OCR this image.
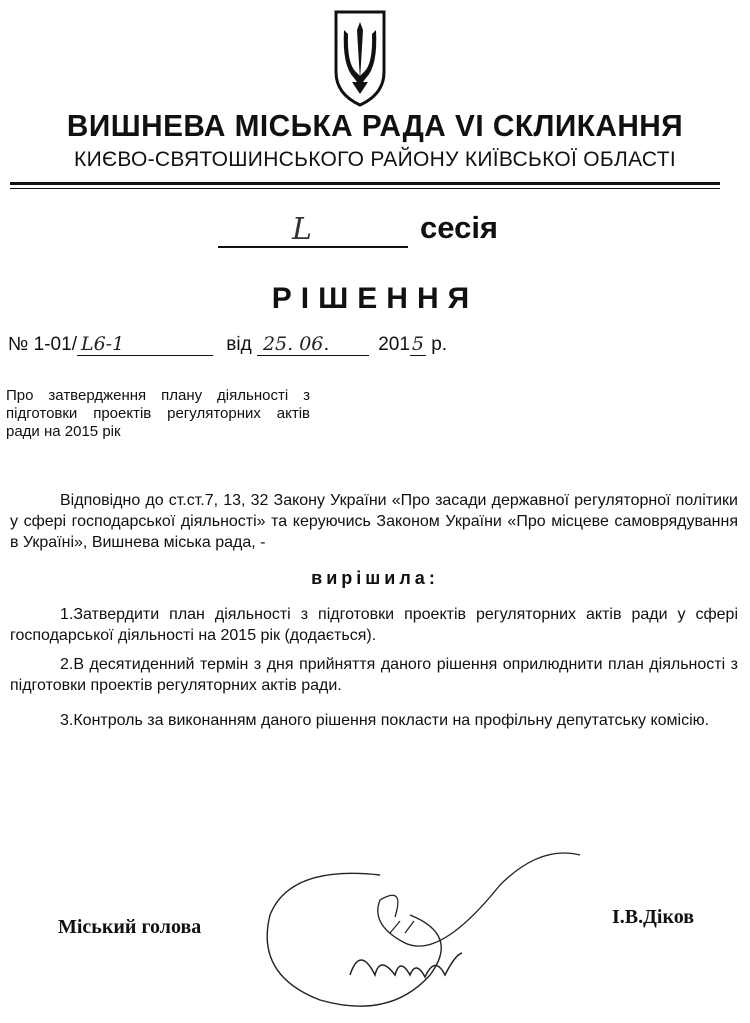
ВИШНЕВА МІСЬКА РАДА VI СКЛИКАННЯ
КИЄВО-СВЯТОШИНСЬКОГО РАЙОНУ КИЇВСЬКОЇ ОБЛАСТІ
L	сесія
РІШЕННЯ
№ 1-01/ L6-1	від 25. 06.	201 5 р.
Про затвердження плану діяльності з підготовки проектів регуляторних актів ради на 2015 рік
Відповідно до ст.ст.7, 13, 32 Закону України «Про засади державної регуляторної політики у сфері господарської діяльності» та керуючись Законом України «Про місцеве самоврядування в Україні», Вишнева міська рада, -
вирішила:
1.Затвердити план діяльності з підготовки проектів регуляторних актів ради у сфері господарської діяльності на 2015 рік (додається).
2.В десятиденний термін з дня прийняття даного рішення оприлюднити план діяльності з підготовки проектів регуляторних актів ради.
3.Контроль за виконанням даного рішення покласти на профільну депутатську комісію.
Міський голова	І.В.Діков
